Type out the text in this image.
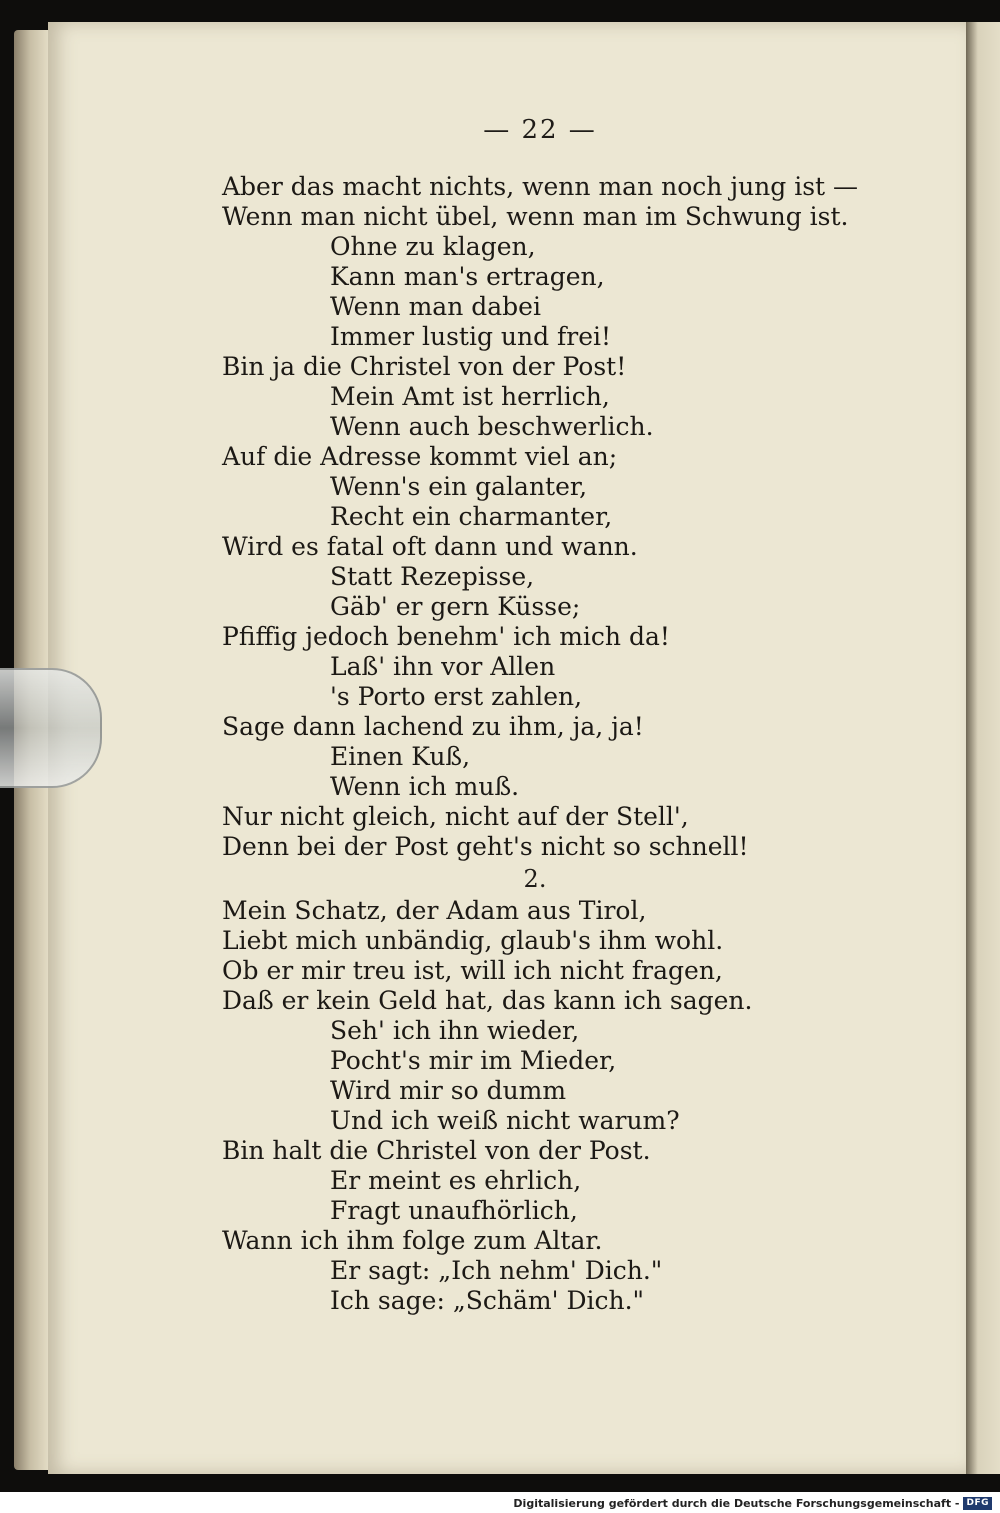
— 22 —
Aber das macht nichts, wenn man noch jung ist —
Wenn man nicht übel, wenn man im Schwung ist.
Ohne zu klagen,
Kann man's ertragen,
Wenn man dabei
Immer lustig und frei!
Bin ja die Christel von der Post!
Mein Amt ist herrlich,
Wenn auch beschwerlich.
Auf die Adresse kommt viel an;
Wenn's ein galanter,
Recht ein charmanter,
Wird es fatal oft dann und wann.
Statt Rezepisse,
Gäb' er gern Küsse;
Pfiffig jedoch benehm' ich mich da!
Laß' ihn vor Allen
's Porto erst zahlen,
Sage dann lachend zu ihm, ja, ja!
Einen Kuß,
Wenn ich muß.
Nur nicht gleich, nicht auf der Stell',
Denn bei der Post geht's nicht so schnell!
2.
Mein Schatz, der Adam aus Tirol,
Liebt mich unbändig, glaub's ihm wohl.
Ob er mir treu ist, will ich nicht fragen,
Daß er kein Geld hat, das kann ich sagen.
Seh' ich ihn wieder,
Pocht's mir im Mieder,
Wird mir so dumm
Und ich weiß nicht warum?
Bin halt die Christel von der Post.
Er meint es ehrlich,
Fragt unaufhörlich,
Wann ich ihm folge zum Altar.
Er sagt: „Ich nehm' Dich."
Ich sage: „Schäm' Dich."
Digitalisierung gefördert durch die Deutsche Forschungsgemeinschaft - DFG
